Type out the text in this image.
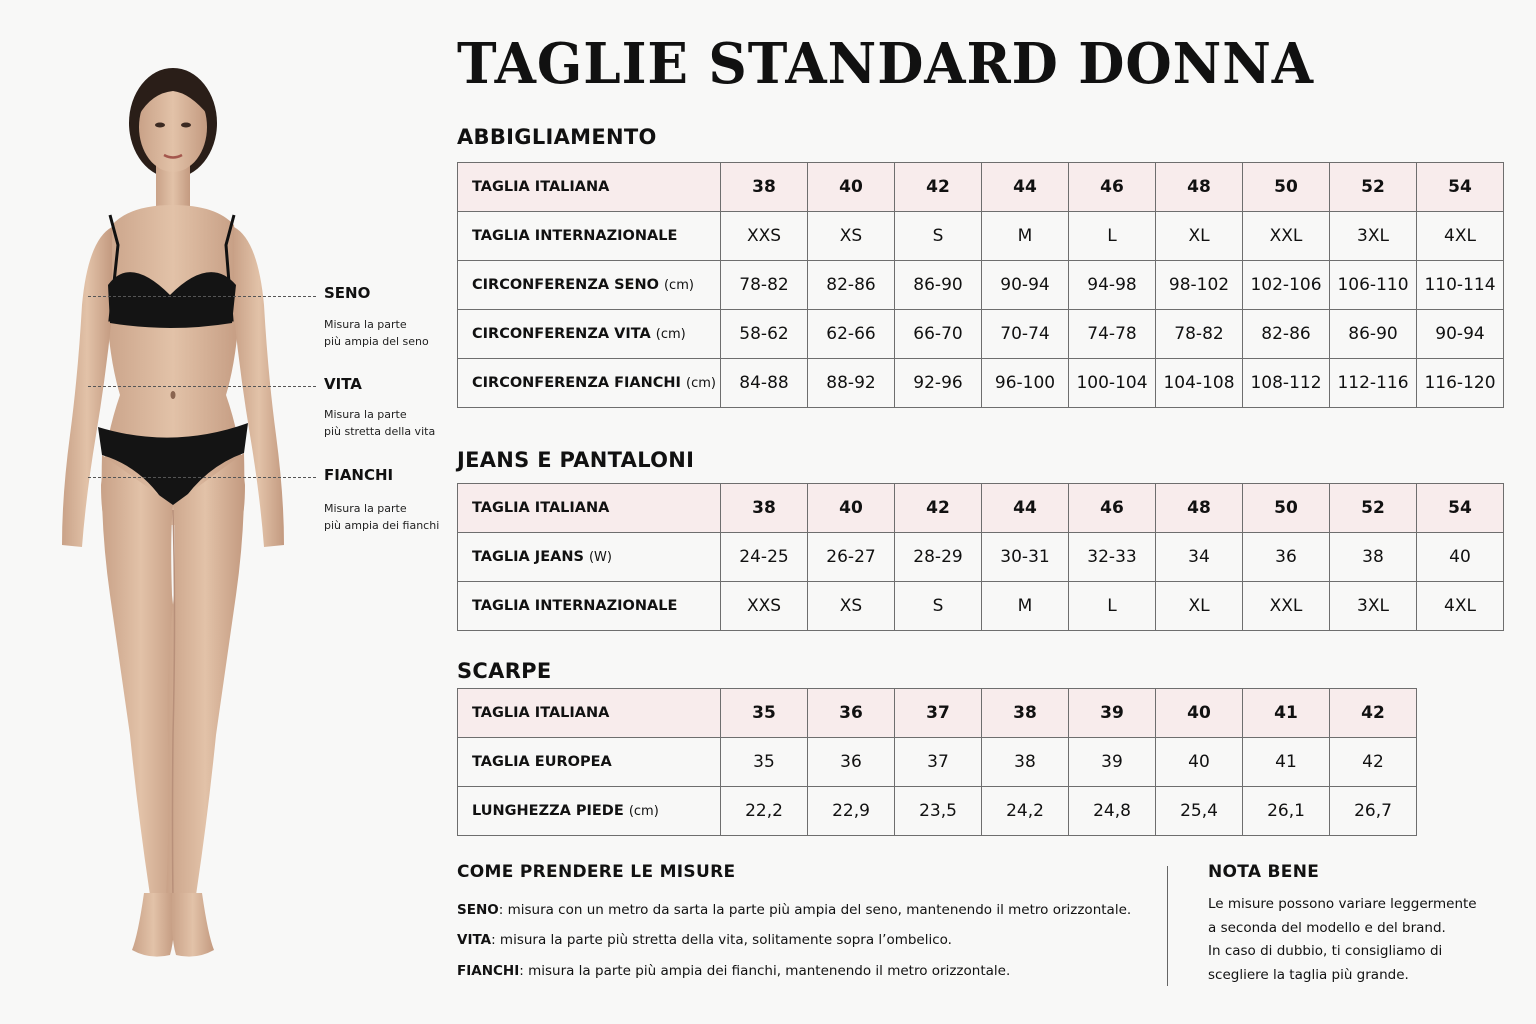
SENO
Misura la parte
più ampia del seno
VITA
Misura la parte
più stretta della vita
FIANCHI
Misura la parte
più ampia dei fianchi
TAGLIE STANDARD DONNA
ABBIGLIAMENTO
TAGLIA ITALIANA	38	40	42	44	46	48	50	52	54
TAGLIA INTERNAZIONALE	XXS	XS	S	M	L	XL	XXL	3XL	4XL
CIRCONFERENZA SENO (cm)	78-82	82-86	86-90	90-94	94-98	98-102	102-106	106-110	110-114
CIRCONFERENZA VITA (cm)	58-62	62-66	66-70	70-74	74-78	78-82	82-86	86-90	90-94
CIRCONFERENZA FIANCHI (cm)	84-88	88-92	92-96	96-100	100-104	104-108	108-112	112-116	116-120
JEANS E PANTALONI
TAGLIA ITALIANA	38	40	42	44	46	48	50	52	54
TAGLIA JEANS (W)	24-25	26-27	28-29	30-31	32-33	34	36	38	40
TAGLIA INTERNAZIONALE	XXS	XS	S	M	L	XL	XXL	3XL	4XL
SCARPE
TAGLIA ITALIANA	35	36	37	38	39	40	41	42
TAGLIA EUROPEA	35	36	37	38	39	40	41	42
LUNGHEZZA PIEDE (cm)	22,2	22,9	23,5	24,2	24,8	25,4	26,1	26,7
COME PRENDERE LE MISURE
SENO: misura con un metro da sarta la parte più ampia del seno, mantenendo il metro orizzontale.
VITA: misura la parte più stretta della vita, solitamente sopra l’ombelico.
FIANCHI: misura la parte più ampia dei fianchi, mantenendo il metro orizzontale.
NOTA BENE
Le misure possono variare leggermente
a seconda del modello e del brand.
In caso di dubbio, ti consigliamo di
scegliere la taglia più grande.
